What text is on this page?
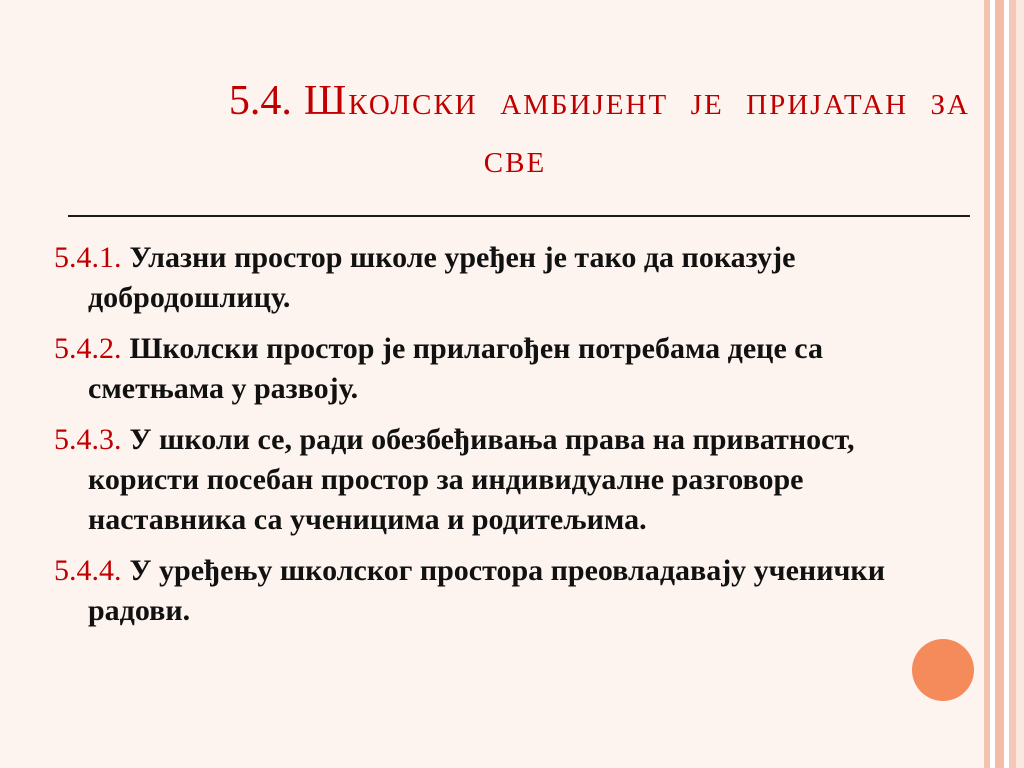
5.4. Школски амбијент је пријатан за
све
5.4.1. Улазни простор школе уређен је тако да показује добродошлицу.
5.4.2. Школски простор је прилагођен потребама деце са сметњама у развоју.
5.4.3. У школи се, ради обезбеђивања права на приватност, користи посебан простор за индивидуалне разговоре наставника са ученицима и родитељима.
5.4.4. У уређењу школског простора преовладавају ученички радови.
